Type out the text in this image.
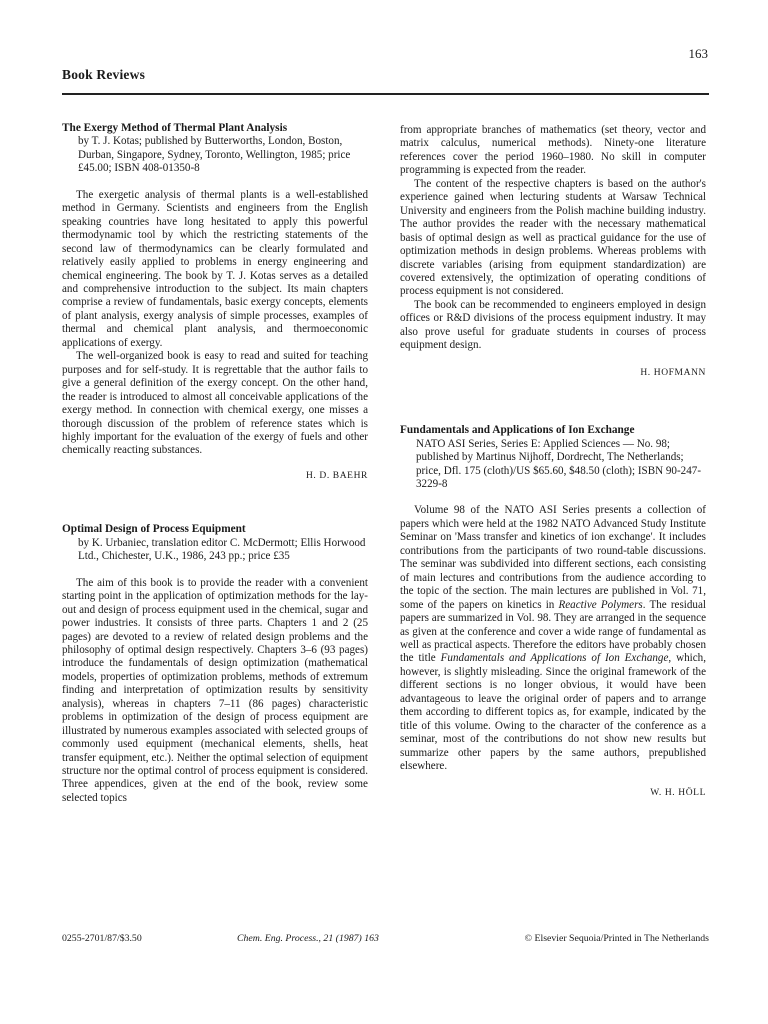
163
Book Reviews

The Exergy Method of Thermal Plant Analysis

by T. J. Kotas; published by Butterworths, London, Boston, Durban, Singapore, Sydney, Toronto, Wellington, 1985; price £45.00; ISBN 408-01350-8

The exergetic analysis of thermal plants is a well-established method in Germany. Scientists and engineers from the English speaking countries have long hesitated to apply this powerful thermodynamic tool by which the restricting statements of the second law of thermodynamics can be clearly formulated and relatively easily applied to problems in energy engineering and chemical engineering. The book by T. J. Kotas serves as a detailed and comprehensive introduction to the subject. Its main chapters comprise a review of fundamentals, basic exergy concepts, elements of plant analysis, exergy analysis of simple processes, examples of thermal and chemical plant analysis, and thermoeconomic applications of exergy.

The well-organized book is easy to read and suited for teaching purposes and for self-study. It is regrettable that the author fails to give a general definition of the exergy concept. On the other hand, the reader is introduced to almost all conceivable applications of the exergy method. In connection with chemical exergy, one misses a thorough discussion of the problem of reference states which is highly important for the evaluation of the exergy of fuels and other chemically reacting substances.

H. D. BAEHR

Optimal Design of Process Equipment

by K. Urbaniec, translation editor C. McDermott; Ellis Horwood Ltd., Chichester, U.K., 1986, 243 pp.; price £35

The aim of this book is to provide the reader with a convenient starting point in the application of optimization methods for the lay-out and design of process equipment used in the chemical, sugar and power industries. It consists of three parts. Chapters 1 and 2 (25 pages) are devoted to a review of related design problems and the philosophy of optimal design respectively. Chapters 3–6 (93 pages) introduce the fundamentals of design optimization (mathematical models, properties of optimization problems, methods of extremum finding and interpretation of optimization results by sensitivity analysis), whereas in chapters 7–11 (86 pages) characteristic problems in optimization of the design of process equipment are illustrated by numerous examples associated with selected groups of commonly used equipment (mechanical elements, shells, heat transfer equipment, etc.). Neither the optimal selection of equipment structure nor the optimal control of process equipment is considered. Three appendices, given at the end of the book, review some selected topics

from appropriate branches of mathematics (set theory, vector and matrix calculus, numerical methods). Ninety-one literature references cover the period 1960–1980. No skill in computer programming is expected from the reader.

The content of the respective chapters is based on the author's experience gained when lecturing students at Warsaw Technical University and engineers from the Polish machine building industry. The author provides the reader with the necessary mathematical basis of optimal design as well as practical guidance for the use of optimization methods in design problems. Whereas problems with discrete variables (arising from equipment standardization) are covered extensively, the optimization of operating conditions of process equipment is not considered.

The book can be recommended to engineers employed in design offices or R&D divisions of the process equipment industry. It may also prove useful for graduate students in courses of process equipment design.

H. HOFMANN

Fundamentals and Applications of Ion Exchange

NATO ASI Series, Series E: Applied Sciences — No. 98; published by Martinus Nijhoff, Dordrecht, The Netherlands; price, Dfl. 175 (cloth)/US $65.60, $48.50 (cloth); ISBN 90-247-3229-8

Volume 98 of the NATO ASI Series presents a collection of papers which were held at the 1982 NATO Advanced Study Institute Seminar on 'Mass transfer and kinetics of ion exchange'. It includes contributions from the participants of two round-table discussions. The seminar was subdivided into different sections, each consisting of main lectures and contributions from the audience according to the topic of the section. The main lectures are published in Vol. 71, some of the papers on kinetics in Reactive Polymers. The residual papers are summarized in Vol. 98. They are arranged in the sequence as given at the conference and cover a wide range of fundamental as well as practical aspects. Therefore the editors have probably chosen the title Fundamentals and Applications of Ion Exchange, which, however, is slightly misleading. Since the original framework of the different sections is no longer obvious, it would have been advantageous to leave the original order of papers and to arrange them according to different topics as, for example, indicated by the title of this volume. Owing to the character of the conference as a seminar, most of the contributions do not show new results but summarize other papers by the same authors, prepublished elsewhere.

W. H. HÖLL
0255-2701/87/$3.50	Chem. Eng. Process., 21 (1987) 163	© Elsevier Sequoia/Printed in The Netherlands
